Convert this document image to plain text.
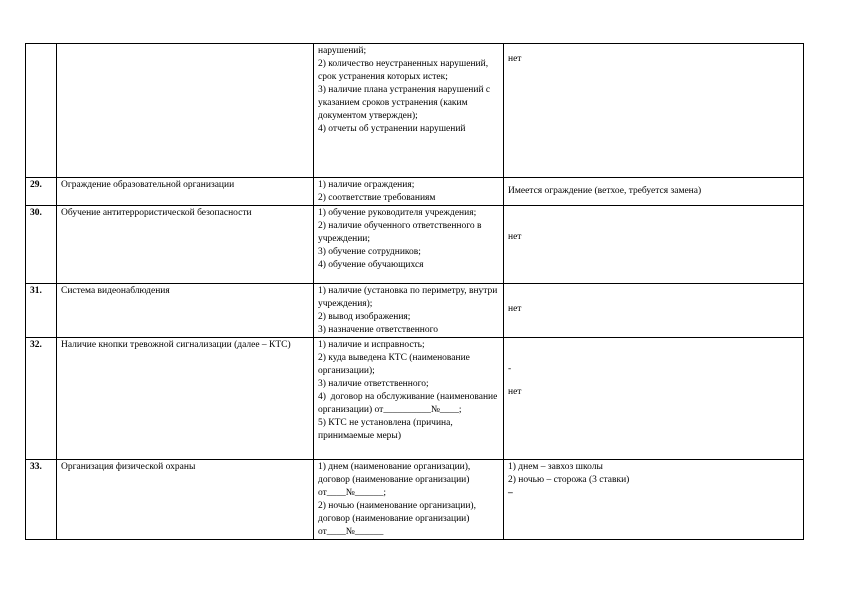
		нарушений;
2) количество неустраненных нарушений, срок устранения которых истек;
3) наличие плана устранения нарушений с указанием сроков устранения (каким документом утвержден);
4) отчеты об устранении нарушений	нет

29.	Ограждение образовательной организации	1) наличие ограждения;
2) соответствие требованиям	Имеется ограждение (ветхое, требуется замена)

30.	Обучение антитеррористической безопасности	1) обучение руководителя учреждения;
2) наличие обученного ответственного в учреждении;
3) обучение сотрудников;
4) обучение обучающихся	нет

31.	Система видеонаблюдения	1) наличие (установка по периметру, внутри учреждения);
2) вывод изображения;
3) назначение ответственного	нет

32.	Наличие кнопки тревожной сигнализации (далее – КТС)	1) наличие и исправность;
2) куда выведена КТС (наименование организации);
3) наличие ответственного;
4)  договор на обслуживание (наименование организации) от__________№____;
5) КТС не установлена (причина, принимаемые меры)	-
нет

33.	Организация физической охраны	1) днем (наименование организации), договор (наименование организации) от____№______;
2) ночью (наименование организации), договор (наименование организации) от____№______	1) днем – завхоз школы
2) ночью – сторожа (3 ставки)
–
